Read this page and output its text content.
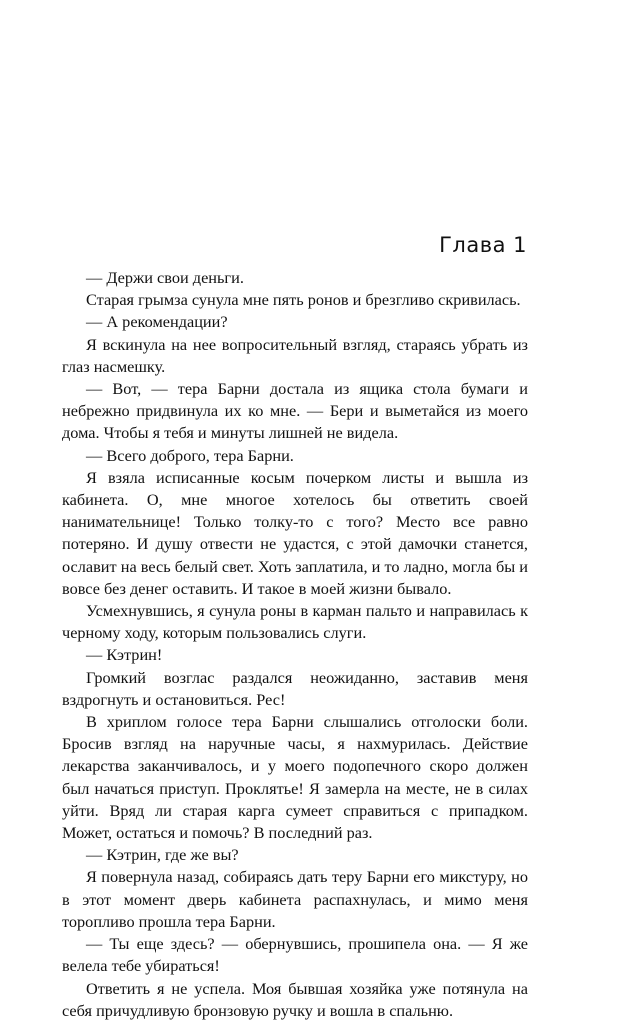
Глава 1

— Держи свои деньги.

Старая грымза сунула мне пять ронов и брезгливо скривилась.

— А рекомендации?

Я вскинула на нее вопросительный взгляд, стараясь убрать из глаз насмешку.

— Вот, — тера Барни достала из ящика стола бумаги и небрежно придвинула их ко мне. — Бери и выметайся из моего дома. Чтобы я тебя и минуты лишней не видела.

— Всего доброго, тера Барни.

Я взяла исписанные косым почерком листы и вышла из кабинета. О, мне многое хотелось бы ответить своей нанимательнице! Только толку-то с того? Место все равно потеряно. И душу отвести не удастся, с этой дамочки станется, ославит на весь белый свет. Хоть заплатила, и то ладно, могла бы и вовсе без денег оставить. И такое в моей жизни бывало.

Усмехнувшись, я сунула роны в карман пальто и направилась к черному ходу, которым пользовались слуги.

— Кэтрин!

Громкий возглас раздался неожиданно, заставив меня вздрогнуть и остановиться. Рес!

В хриплом голосе тера Барни слышались отголоски боли. Бросив взгляд на наручные часы, я нахмурилась. Действие лекарства заканчивалось, и у моего подопечного скоро должен был начаться приступ. Проклятье! Я замерла на месте, не в силах уйти. Вряд ли старая карга сумеет справиться с припадком. Может, остаться и помочь? В последний раз.

— Кэтрин, где же вы?

Я повернула назад, собираясь дать теру Барни его микстуру, но в этот момент дверь кабинета распахнулась, и мимо меня торопливо прошла тера Барни.

— Ты еще здесь? — обернувшись, прошипела она. — Я же велела тебе убираться!

Ответить я не успела. Моя бывшая хозяйка уже потянула на себя причудливую бронзовую ручку и вошла в спальню.
